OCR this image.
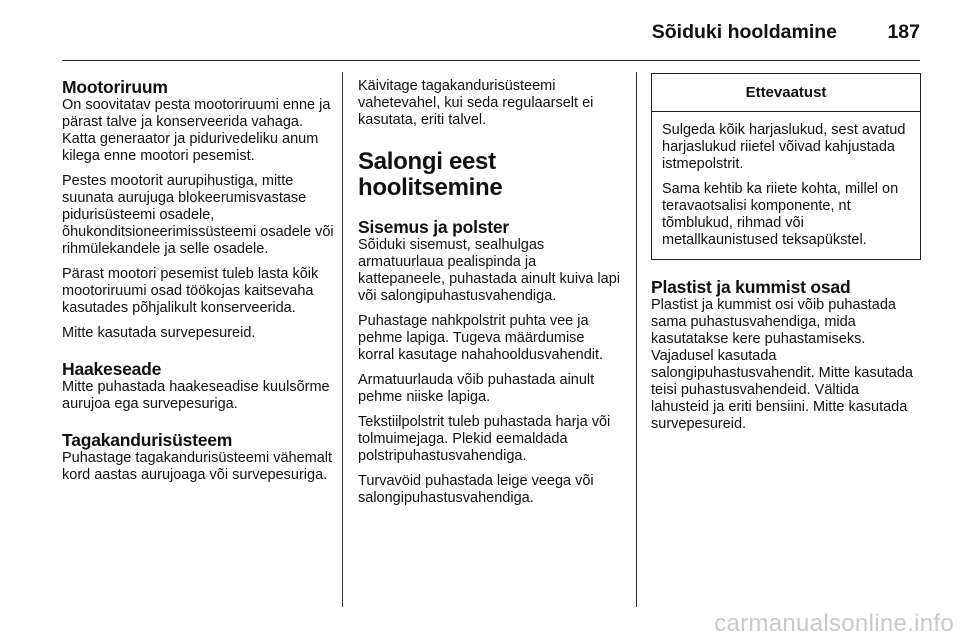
Sõiduki hooldamine	187
Mootoriruum

On soovitatav pesta mootoriruumi enne ja pärast talve ja konserveerida vahaga. Katta generaator ja pidurivedeliku anum kilega enne mootori pesemist.

Pestes mootorit aurupihustiga, mitte suunata aurujuga blokeerumisvastase pidurisüsteemi osadele, õhukonditsioneerimissüsteemi osadele või rihmülekandele ja selle osadele.

Pärast mootori pesemist tuleb lasta kõik mootoriruumi osad töökojas kaitsevaha kasutades põhjalikult konserveerida.

Mitte kasutada survepesureid.

Haakeseade

Mitte puhastada haakeseadise kuulsõrme aurujoa ega survepesuriga.

Tagakandurisüsteem

Puhastage tagakandurisüsteemi vähemalt kord aastas aurujoaga või survepesuriga.

Käivitage tagakandurisüsteemi vahetevahel, kui seda regulaarselt ei kasutata, eriti talvel.

Salongi eest hoolitsemine
Sisemus ja polster

Sõiduki sisemust, sealhulgas armatuurlaua pealispinda ja kattepaneele, puhastada ainult kuiva lapi või salongipuhastusvahendiga.

Puhastage nahkpolstrit puhta vee ja pehme lapiga. Tugeva määrdumise korral kasutage nahahooldusvahendit.

Armatuurlauda võib puhastada ainult pehme niiske lapiga.

Tekstiilpolstrit tuleb puhastada harja või tolmuimejaga. Plekid eemaldada polstripuhastusvahendiga.

Turvavöid puhastada leige veega või salongipuhastusvahendiga.

Ettevaatust

Sulgeda kõik harjaslukud, sest avatud harjaslukud riietel võivad kahjustada istmepolstrit.

Sama kehtib ka riiete kohta, millel on teravaotsalisi komponente, nt tõmblukud, rihmad või metallkaunistused teksapükstel.

Plastist ja kummist osad

Plastist ja kummist osi võib puhastada sama puhastusvahendiga, mida kasutatakse kere puhastamiseks. Vajadusel kasutada salongipuhastusvahendit. Mitte kasutada teisi puhastusvahendeid. Vältida lahusteid ja eriti bensiini. Mitte kasutada survepesureid.

carmanualsonline.info
